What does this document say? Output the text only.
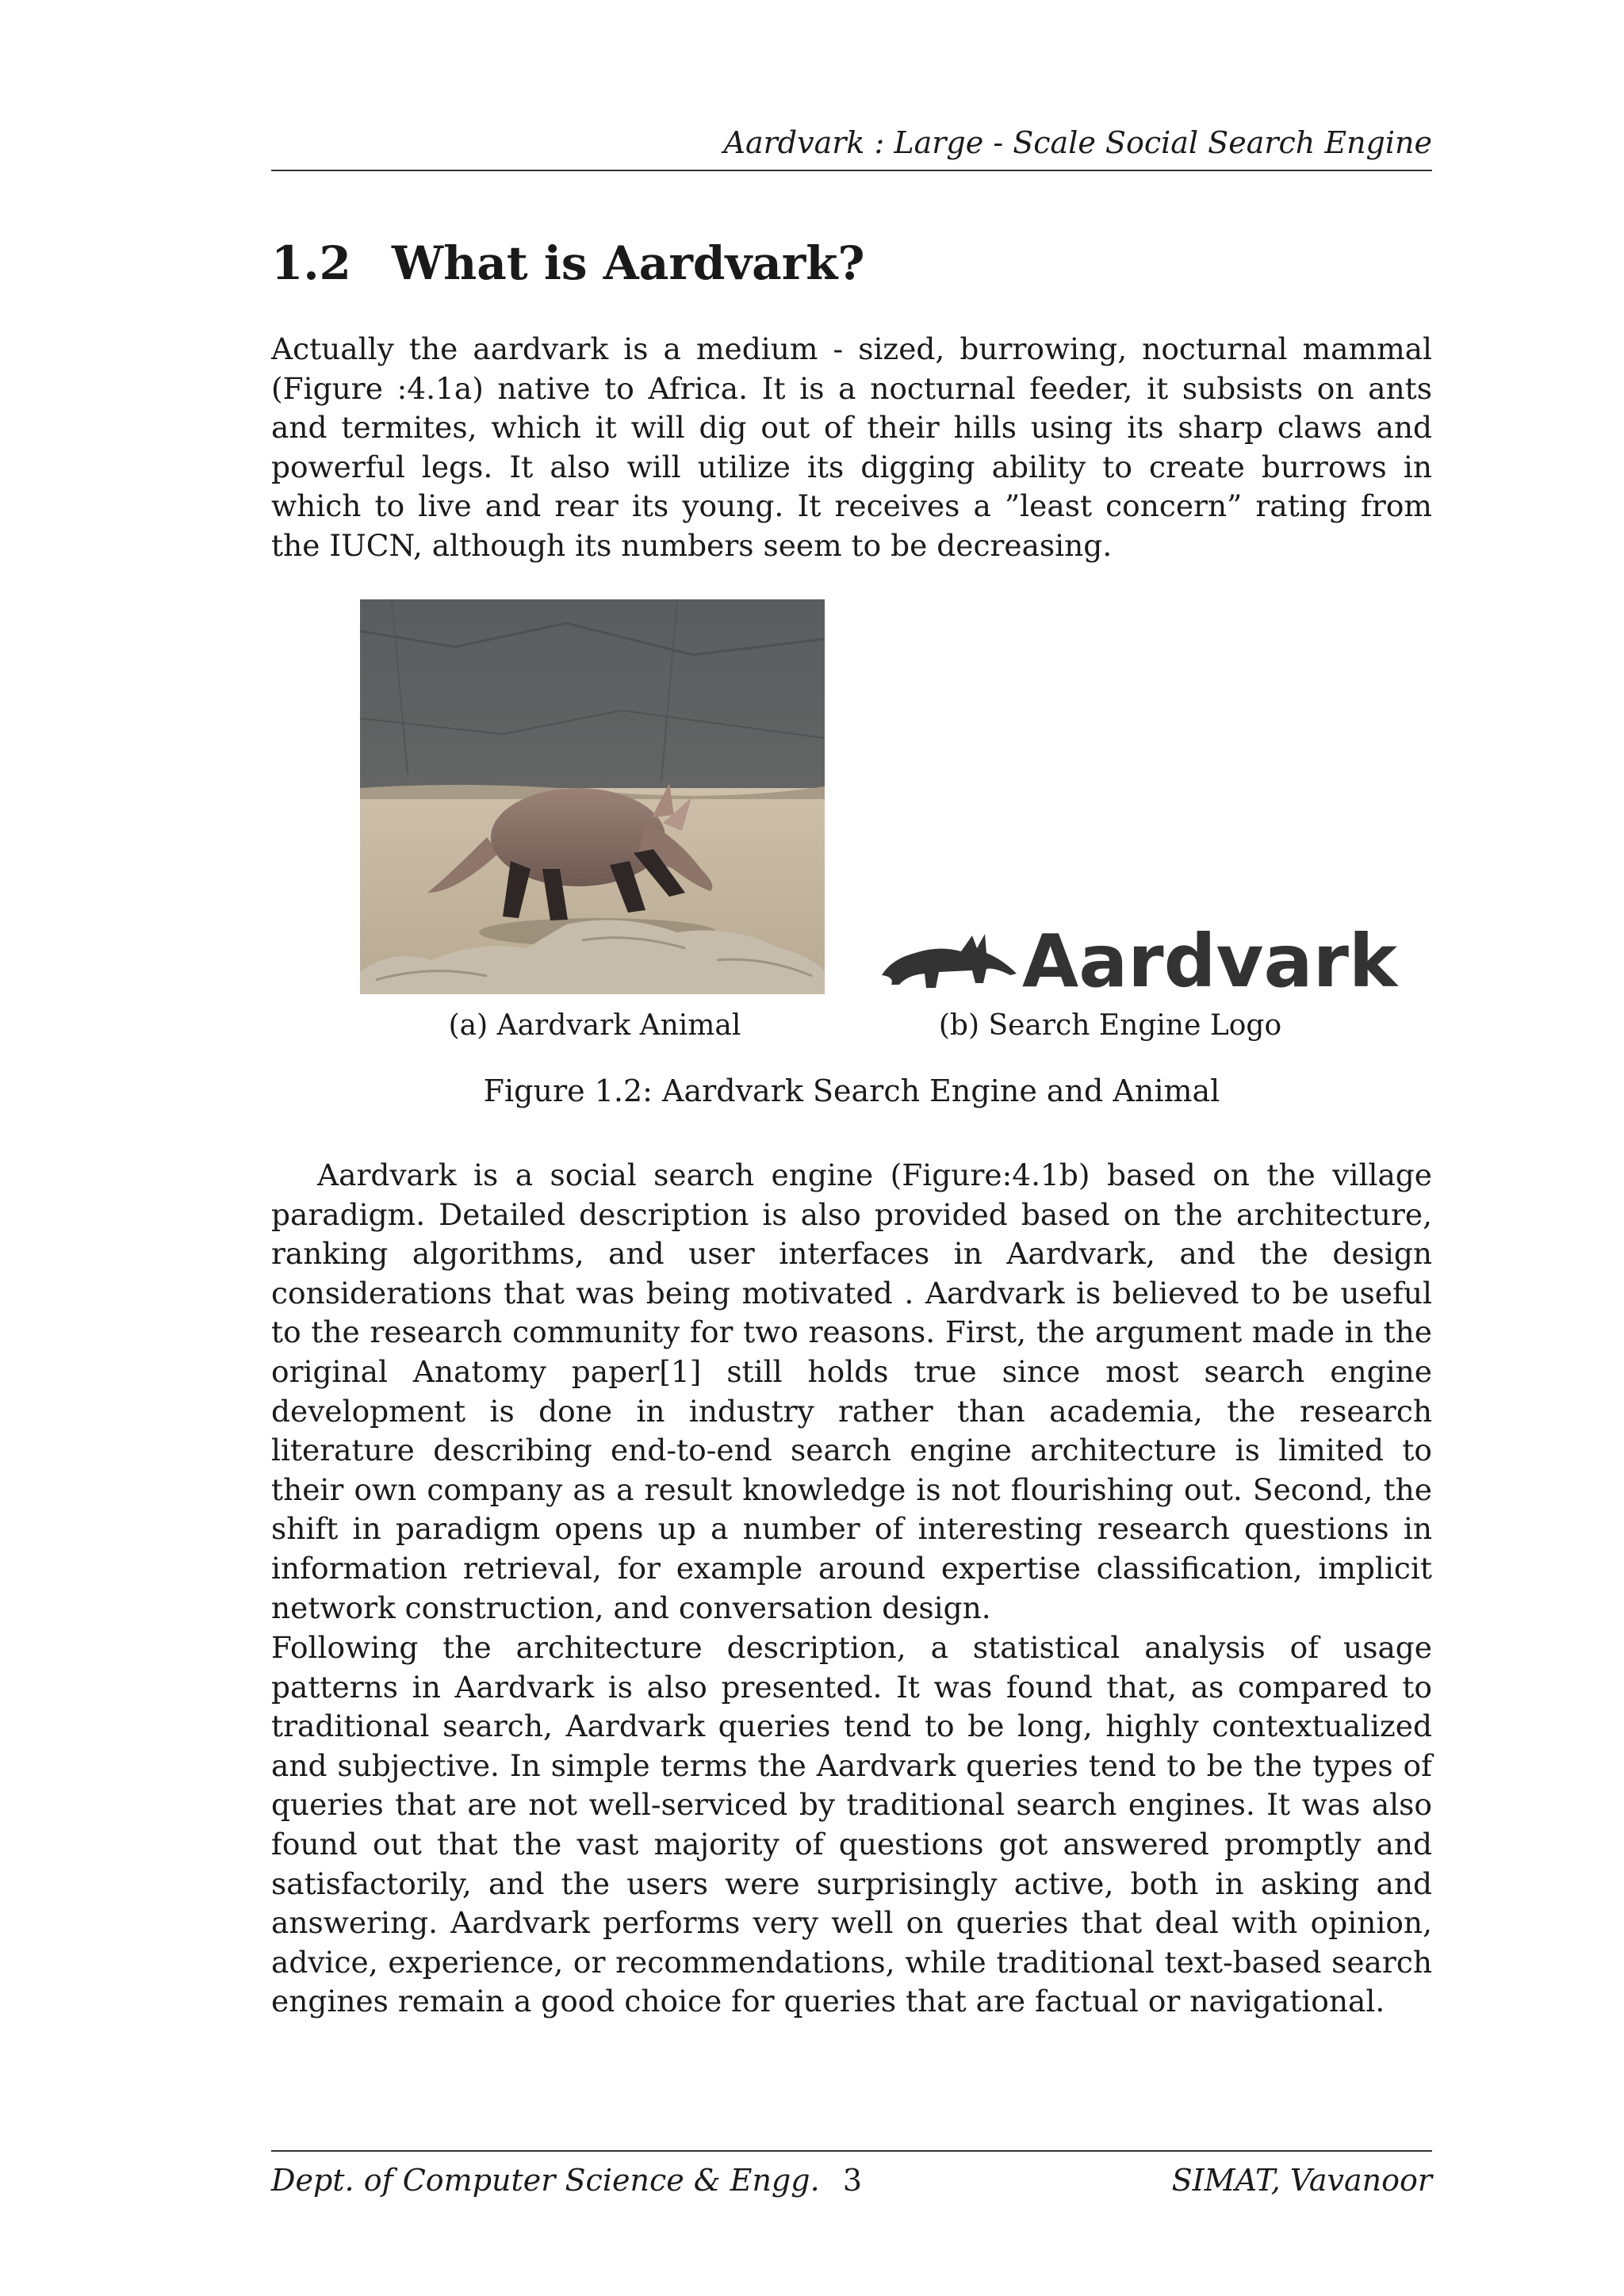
Aardvark : Large - Scale Social Search Engine
1.2 What is Aardvark?

Actually the aardvark is a medium - sized, burrowing, nocturnal mammal (Figure :4.1a) native to Africa. It is a nocturnal feeder, it subsists on ants and termites, which it will dig out of their hills using its sharp claws and powerful legs. It also will utilize its digging ability to create burrows in which to live and rear its young. It receives a ”least concern” rating from the IUCN, although its numbers seem to be decreasing.

Aardvark
(a) Aardvark Animal	(b) Search Engine Logo
Figure 1.2: Aardvark Search Engine and Animal

Aardvark is a social search engine (Figure:4.1b) based on the village paradigm. Detailed description is also provided based on the architecture, ranking algorithms, and user interfaces in Aardvark, and the design considerations that was being motivated . Aardvark is believed to be useful to the research community for two reasons. First, the argument made in the original Anatomy paper[1] still holds true since most search engine development is done in industry rather than academia, the research literature describing end-to-end search engine architecture is limited to their own company as a result knowledge is not flourishing out. Second, the shift in paradigm opens up a number of interesting research questions in information retrieval, for example around expertise classification, implicit network construction, and conversation design.

Following the architecture description, a statistical analysis of usage patterns in Aardvark is also presented. It was found that, as compared to traditional search, Aardvark queries tend to be long, highly contextualized and subjective. In simple terms the Aardvark queries tend to be the types of queries that are not well-serviced by traditional search engines. It was also found out that the vast majority of questions got answered promptly and satisfactorily, and the users were surprisingly active, both in asking and answering. Aardvark performs very well on queries that deal with opinion, advice, experience, or recommendations, while traditional text-based search engines remain a good choice for queries that are factual or navigational.

Dept. of Computer Science & Engg. 3	SIMAT, Vavanoor
